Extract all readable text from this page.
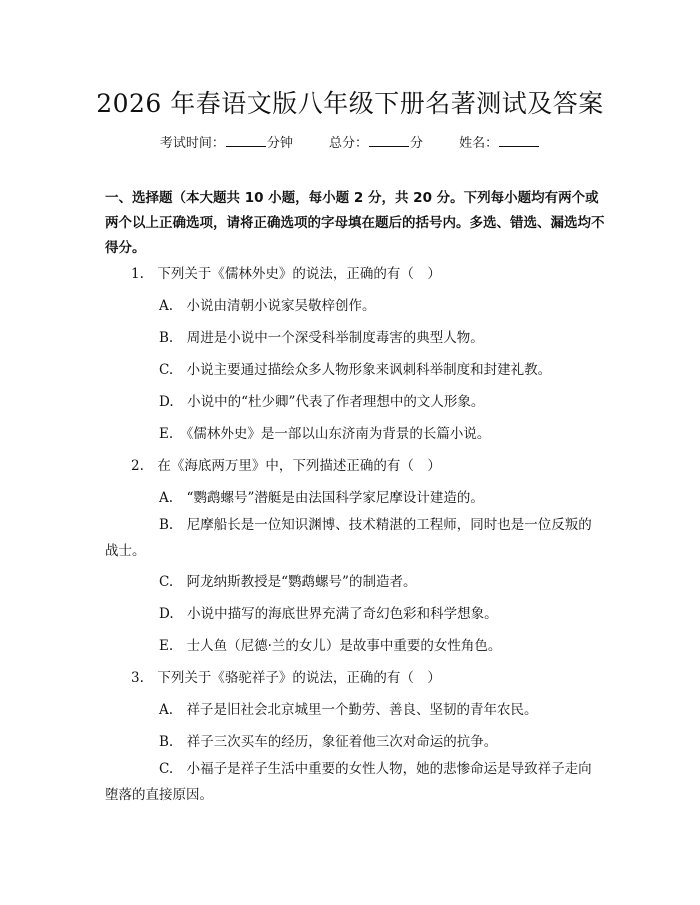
2026 年春语文版八年级下册名著测试及答案
考试时间：	分钟	总分：	分	姓名：
一、选择题（本大题共 10 小题，每小题 2 分，共 20 分。下列每小题均有两个或两个以上正确选项，请将正确选项的字母填在题后的括号内。多选、错选、漏选均不得分。
1.　下列关于《儒林外史》的说法，正确的有（　）
A.　小说由清朝小说家吴敬梓创作。
B.　周进是小说中一个深受科举制度毒害的典型人物。
C.　小说主要通过描绘众多人物形象来讽刺科举制度和封建礼教。
D.　小说中的“杜少卿”代表了作者理想中的文人形象。
E.　《儒林外史》是一部以山东济南为背景的长篇小说。
2.　在《海底两万里》中，下列描述正确的有（　）
A.　“鹦鹉螺号”潜艇是由法国科学家尼摩设计建造的。
B.　尼摩船长是一位知识渊博、技术精湛的工程师，同时也是一位反叛的战士。
C.　阿龙纳斯教授是“鹦鹉螺号”的制造者。
D.　小说中描写的海底世界充满了奇幻色彩和科学想象。
E.　士人鱼（尼德·兰的女儿）是故事中重要的女性角色。
3.　下列关于《骆驼祥子》的说法，正确的有（　）
A.　祥子是旧社会北京城里一个勤劳、善良、坚韧的青年农民。
B.　祥子三次买车的经历，象征着他三次对命运的抗争。
C.　小福子是祥子生活中重要的女性人物，她的悲惨命运是导致祥子走向堕落的直接原因。
